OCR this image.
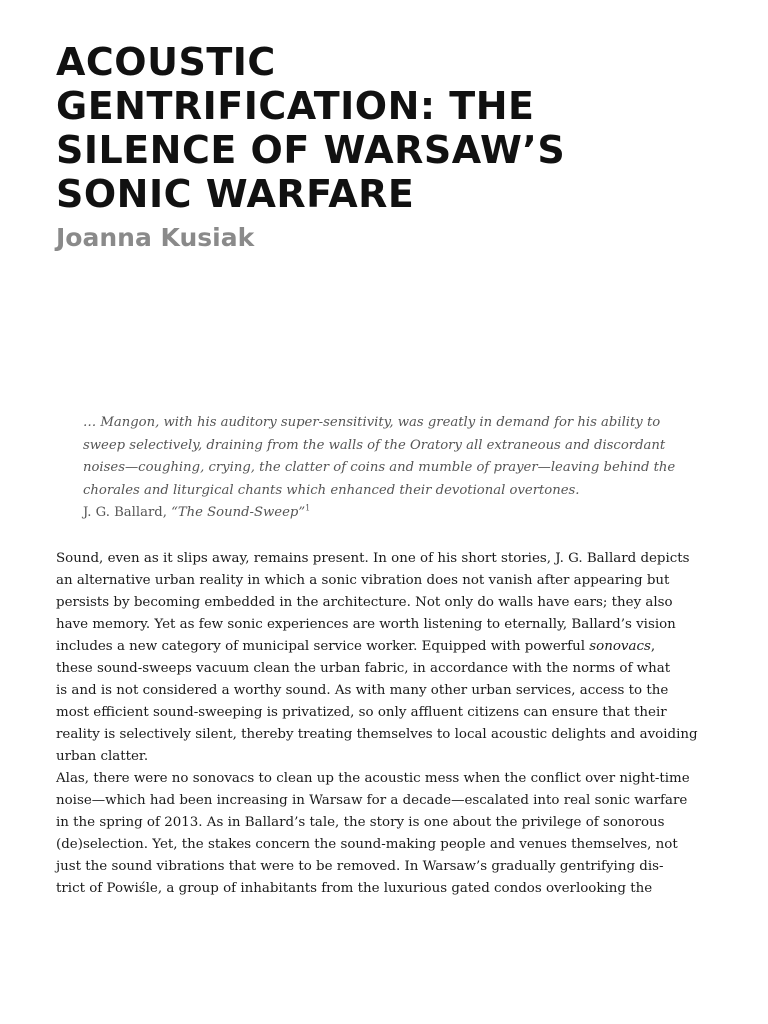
ACOUSTIC
GENTRIFICATION: THE
SILENCE OF WARSAW’S
SONIC WARFARE

Joanna Kusiak

… Mangon, with his auditory super-sensitivity, was greatly in demand for his ability to
sweep selectively, draining from the walls of the Oratory all extraneous and discordant
noises—coughing, crying, the clatter of coins and mumble of prayer—leaving behind the
chorales and liturgical chants which enhanced their devotional overtones.
J. G. Ballard, “The Sound-Sweep”$^1$
Sound, even as it slips away, remains present. In one of his short stories, J. G. Ballard depicts
an alternative urban reality in which a sonic vibration does not vanish after appearing but
persists by becoming embedded in the architecture. Not only do walls have ears; they also
have memory. Yet as few sonic experiences are worth listening to eternally, Ballard’s vision
includes a new category of municipal service worker. Equipped with powerful sonovacs,
these sound-sweeps vacuum clean the urban fabric, in accordance with the norms of what
is and is not considered a worthy sound. As with many other urban services, access to the
most efficient sound-sweeping is privatized, so only affluent citizens can ensure that their
reality is selectively silent, thereby treating themselves to local acoustic delights and avoiding
urban clatter.
Alas, there were no sonovacs to clean up the acoustic mess when the conflict over night-time
noise—which had been increasing in Warsaw for a decade—escalated into real sonic warfare
in the spring of 2013. As in Ballard’s tale, the story is one about the privilege of sonorous
(de)selection. Yet, the stakes concern the sound-making people and venues themselves, not
just the sound vibrations that were to be removed. In Warsaw’s gradually gentrifying dis-
trict of Powiśle, a group of inhabitants from the luxurious gated condos overlooking the
